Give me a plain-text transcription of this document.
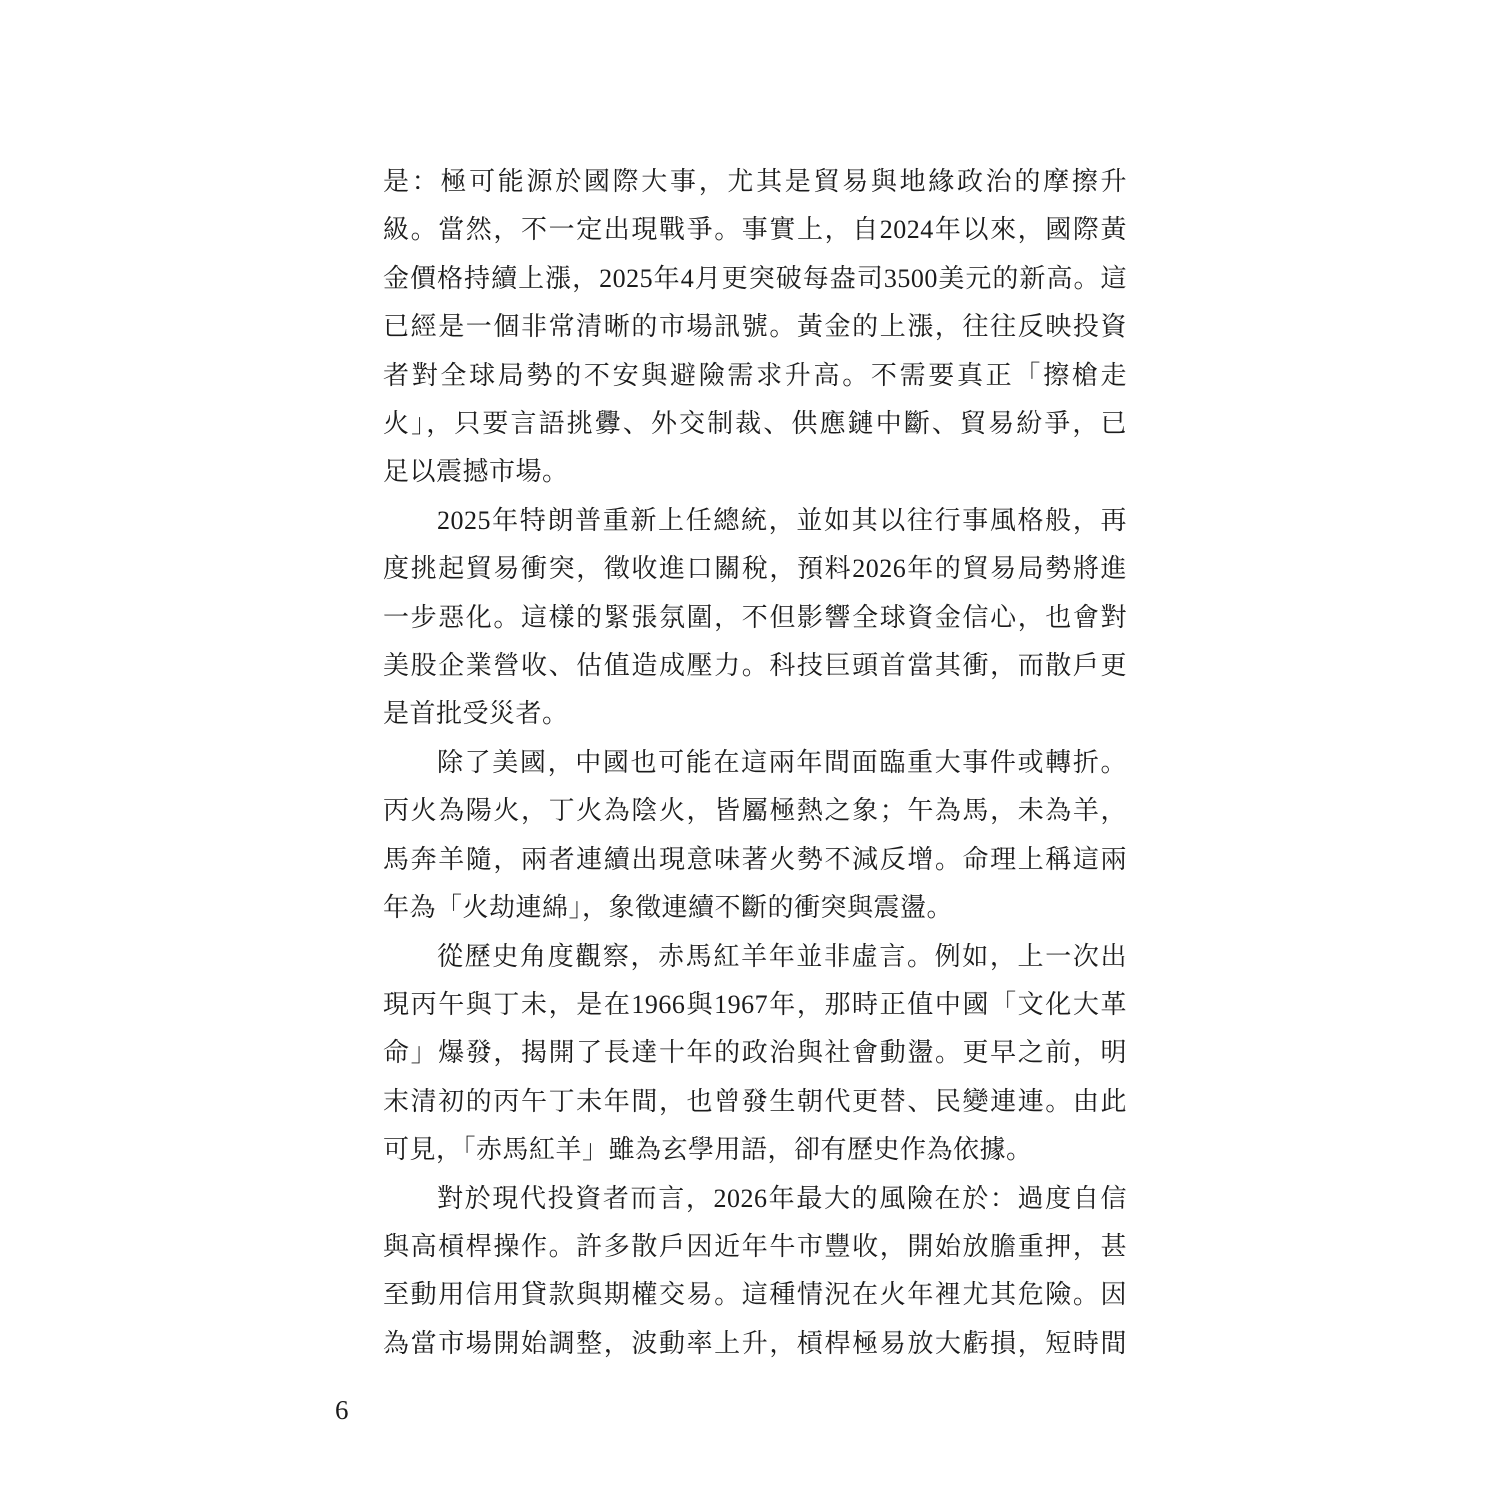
是：極可能源於國際大事，尤其是貿易與地緣政治的摩擦升
級。當然，不一定出現戰爭。事實上，自2024年以來，國際黃
金價格持續上漲，2025年4月更突破每盎司3500美元的新高。這
已經是一個非常清晰的市場訊號。黃金的上漲，往往反映投資
者對全球局勢的不安與避險需求升高。不需要真正「擦槍走
火」，只要言語挑釁、外交制裁、供應鏈中斷、貿易紛爭，已
足以震撼市場。
2025年特朗普重新上任總統，並如其以往行事風格般，再
度挑起貿易衝突，徵收進口關稅，預料2026年的貿易局勢將進
一步惡化。這樣的緊張氛圍，不但影響全球資金信心，也會對
美股企業營收、估值造成壓力。科技巨頭首當其衝，而散戶更
是首批受災者。
除了美國，中國也可能在這兩年間面臨重大事件或轉折。
丙火為陽火，丁火為陰火，皆屬極熱之象；午為馬，未為羊，
馬奔羊隨，兩者連續出現意味著火勢不減反增。命理上稱這兩
年為「火劫連綿」，象徵連續不斷的衝突與震盪。
從歷史角度觀察，赤馬紅羊年並非虛言。例如，上一次出
現丙午與丁未，是在1966與1967年，那時正值中國「文化大革
命」爆發，揭開了長達十年的政治與社會動盪。更早之前，明
末清初的丙午丁未年間，也曾發生朝代更替、民變連連。由此
可見，「赤馬紅羊」雖為玄學用語，卻有歷史作為依據。
對於現代投資者而言，2026年最大的風險在於：過度自信
與高槓桿操作。許多散戶因近年牛市豐收，開始放膽重押，甚
至動用信用貸款與期權交易。這種情況在火年裡尤其危險。因
為當市場開始調整，波動率上升，槓桿極易放大虧損，短時間
6
